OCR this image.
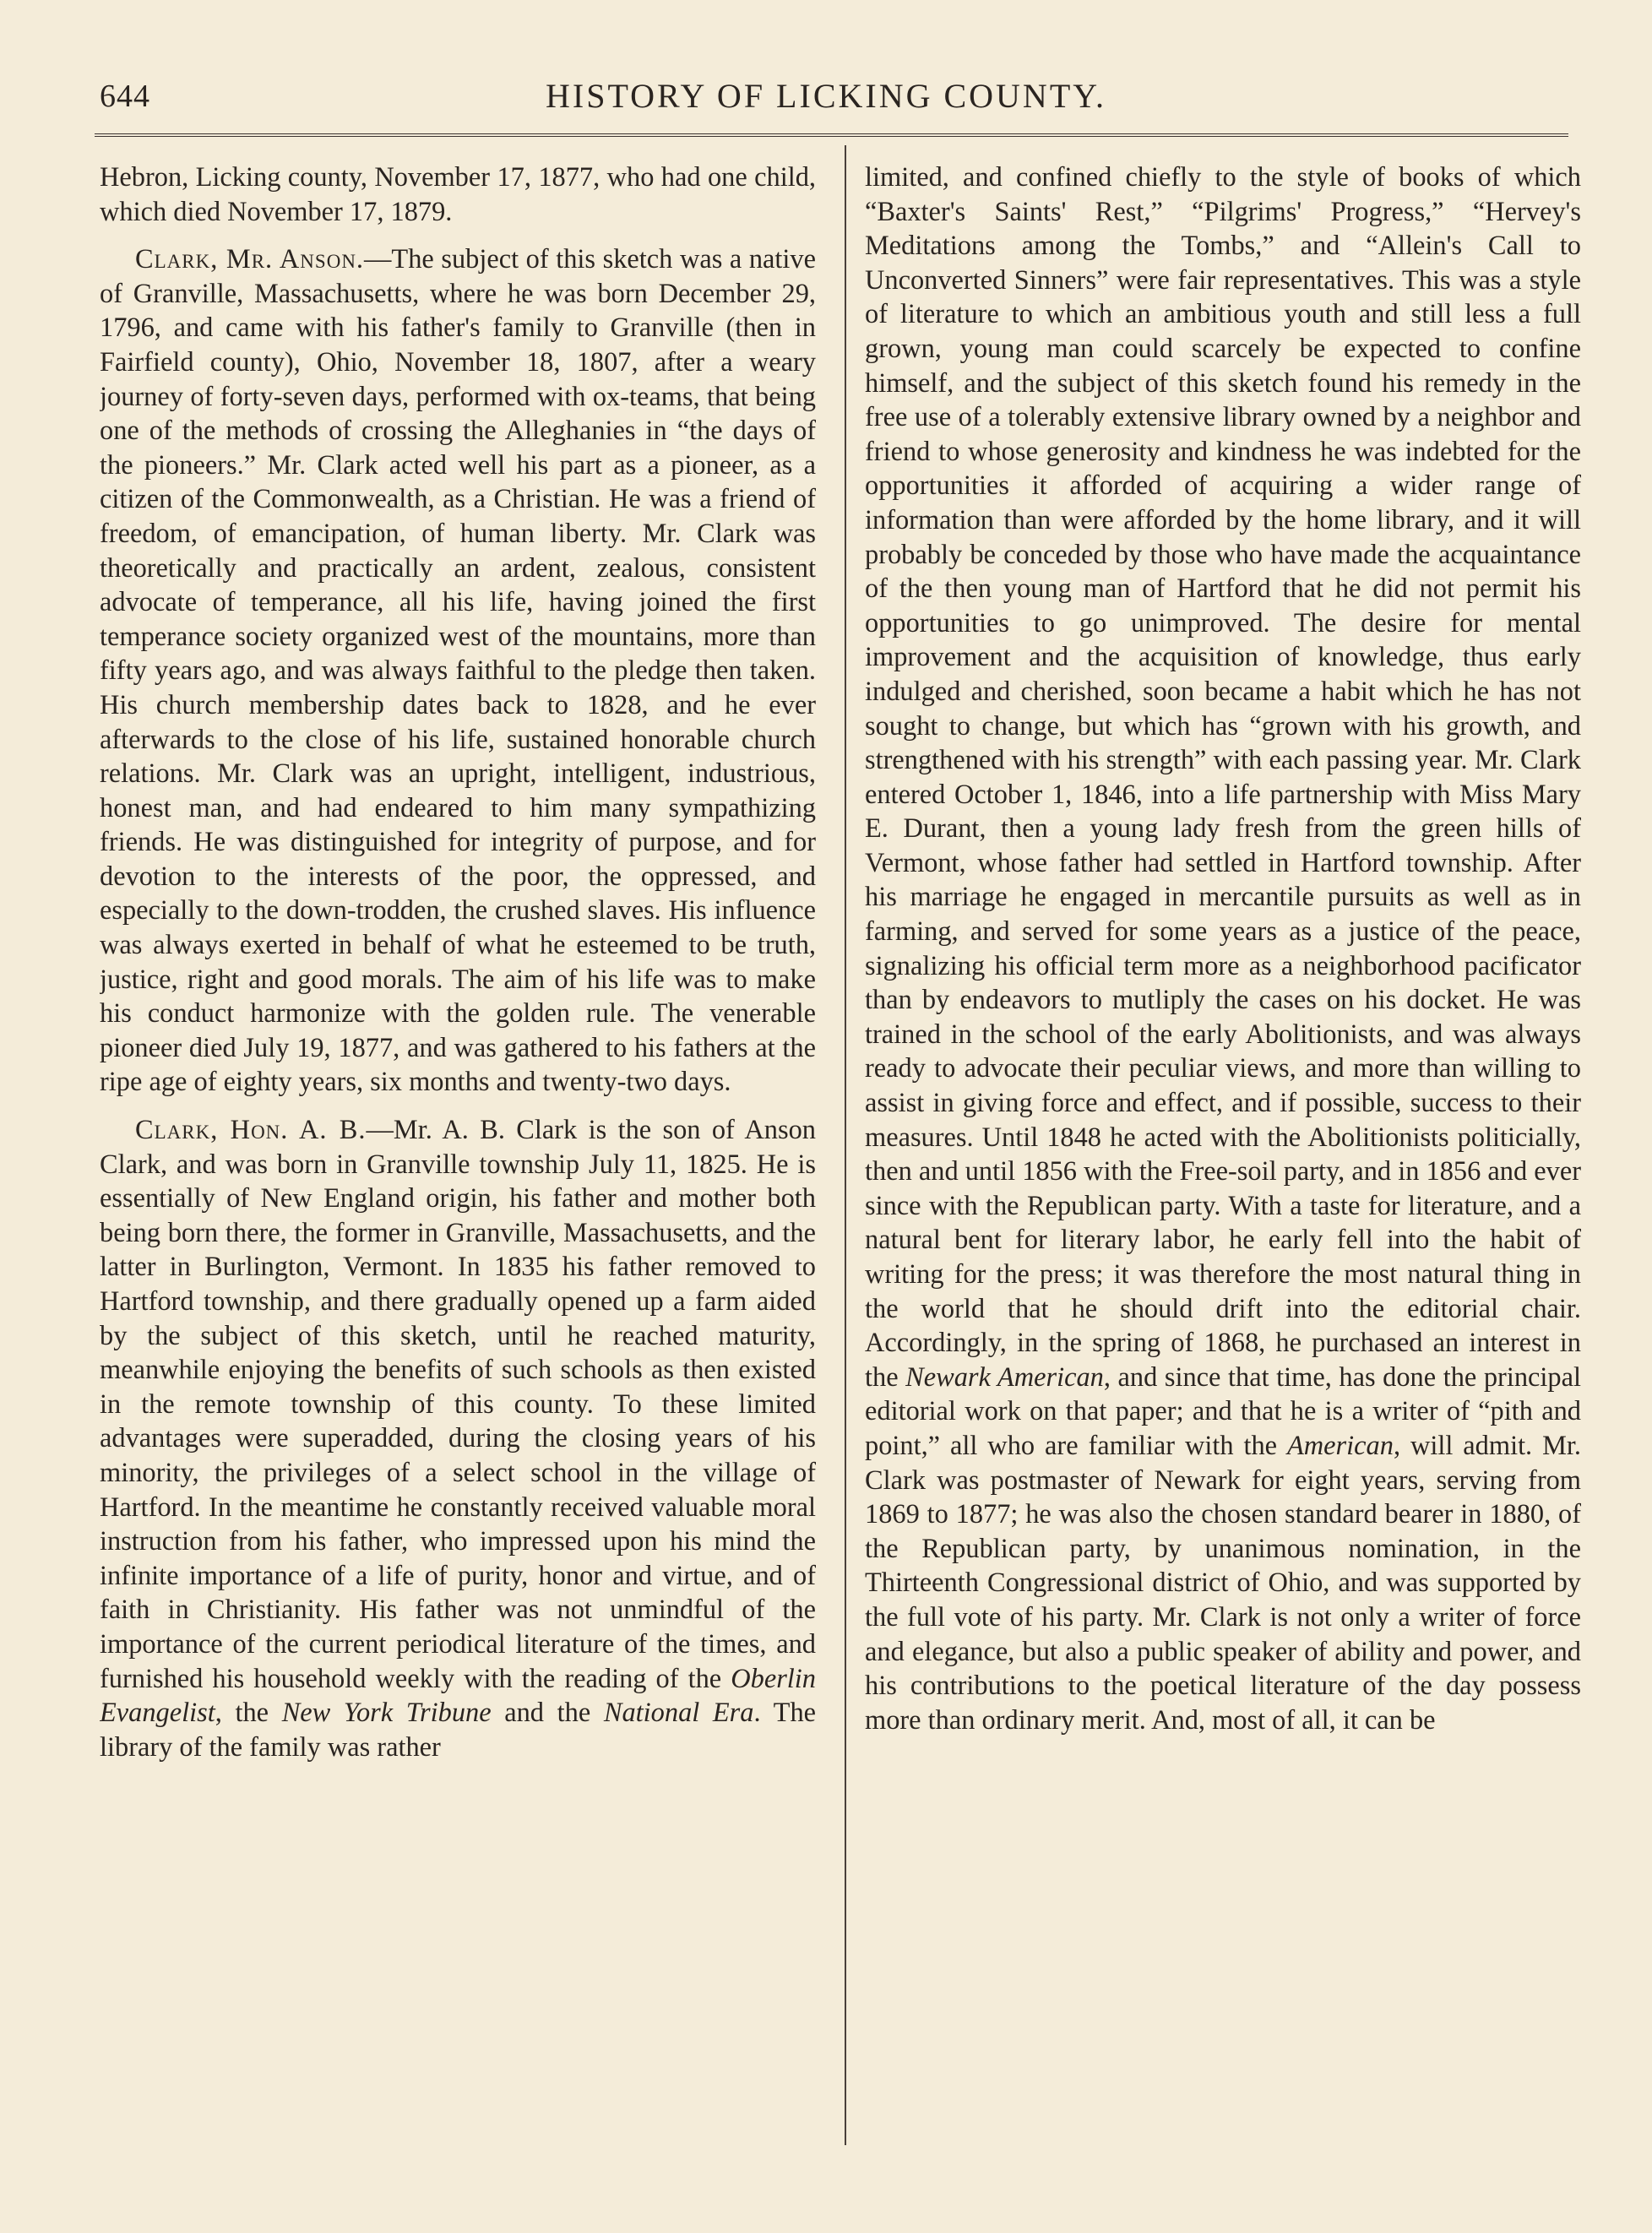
644	HISTORY OF LICKING COUNTY.

Hebron, Licking county, November 17, 1877, who had one child, which died November 17, 1879.

Clark, Mr. Anson.—The subject of this sketch was a native of Granville, Massachusetts, where he was born December 29, 1796, and came with his father's family to Granville (then in Fairfield county), Ohio, November 18, 1807, after a weary journey of forty-seven days, performed with ox-teams, that being one of the methods of crossing the Alleghanies in “the days of the pioneers.” Mr. Clark acted well his part as a pioneer, as a citizen of the Commonwealth, as a Christian. He was a friend of freedom, of emancipation, of human liberty. Mr. Clark was theoretically and practically an ardent, zealous, consistent advocate of temperance, all his life, having joined the first temperance society organized west of the mountains, more than fifty years ago, and was always faithful to the pledge then taken. His church membership dates back to 1828, and he ever afterwards to the close of his life, sustained honorable church relations. Mr. Clark was an upright, intelligent, industrious, honest man, and had endeared to him many sympathizing friends. He was distinguished for integrity of purpose, and for devotion to the interests of the poor, the oppressed, and especially to the down-trodden, the crushed slaves. His influence was always exerted in behalf of what he esteemed to be truth, justice, right and good morals. The aim of his life was to make his conduct harmonize with the golden rule. The venerable pioneer died July 19, 1877, and was gathered to his fathers at the ripe age of eighty years, six months and twenty-two days.

Clark, Hon. A. B.—Mr. A. B. Clark is the son of Anson Clark, and was born in Granville township July 11, 1825. He is essentially of New England origin, his father and mother both being born there, the former in Granville, Massachusetts, and the latter in Burlington, Vermont. In 1835 his father removed to Hartford township, and there gradually opened up a farm aided by the subject of this sketch, until he reached maturity, meanwhile enjoying the benefits of such schools as then existed in the remote township of this county. To these limited advantages were superadded, during the closing years of his minority, the privileges of a select school in the village of Hartford. In the meantime he constantly received valuable moral instruction from his father, who impressed upon his mind the infinite importance of a life of purity, honor and virtue, and of faith in Christianity. His father was not unmindful of the importance of the current periodical literature of the times, and furnished his household weekly with the reading of the Oberlin Evangelist, the New York Tribune and the National Era. The library of the family was rather

limited, and confined chiefly to the style of books of which “Baxter's Saints' Rest,” “Pilgrims' Progress,” “Hervey's Meditations among the Tombs,” and “Allein's Call to Unconverted Sinners” were fair representatives. This was a style of literature to which an ambitious youth and still less a full grown, young man could scarcely be expected to confine himself, and the subject of this sketch found his remedy in the free use of a tolerably extensive library owned by a neighbor and friend to whose generosity and kindness he was indebted for the opportunities it afforded of acquiring a wider range of information than were afforded by the home library, and it will probably be conceded by those who have made the acquaintance of the then young man of Hartford that he did not permit his opportunities to go unimproved. The desire for mental improvement and the acquisition of knowledge, thus early indulged and cherished, soon became a habit which he has not sought to change, but which has “grown with his growth, and strengthened with his strength” with each passing year. Mr. Clark entered October 1, 1846, into a life partnership with Miss Mary E. Durant, then a young lady fresh from the green hills of Vermont, whose father had settled in Hartford township. After his marriage he engaged in mercantile pursuits as well as in farming, and served for some years as a justice of the peace, signalizing his official term more as a neighborhood pacificator than by endeavors to mutliply the cases on his docket. He was trained in the school of the early Abolitionists, and was always ready to advocate their peculiar views, and more than willing to assist in giving force and effect, and if possible, success to their measures. Until 1848 he acted with the Abolitionists politicially, then and until 1856 with the Free-soil party, and in 1856 and ever since with the Republican party. With a taste for literature, and a natural bent for literary labor, he early fell into the habit of writing for the press; it was therefore the most natural thing in the world that he should drift into the editorial chair. Accordingly, in the spring of 1868, he purchased an interest in the Newark American, and since that time, has done the principal editorial work on that paper; and that he is a writer of “pith and point,” all who are familiar with the American, will admit. Mr. Clark was postmaster of Newark for eight years, serving from 1869 to 1877; he was also the chosen standard bearer in 1880, of the Republican party, by unanimous nomination, in the Thirteenth Congressional district of Ohio, and was supported by the full vote of his party. Mr. Clark is not only a writer of force and elegance, but also a public speaker of ability and power, and his contributions to the poetical literature of the day possess more than ordinary merit. And, most of all, it can be
